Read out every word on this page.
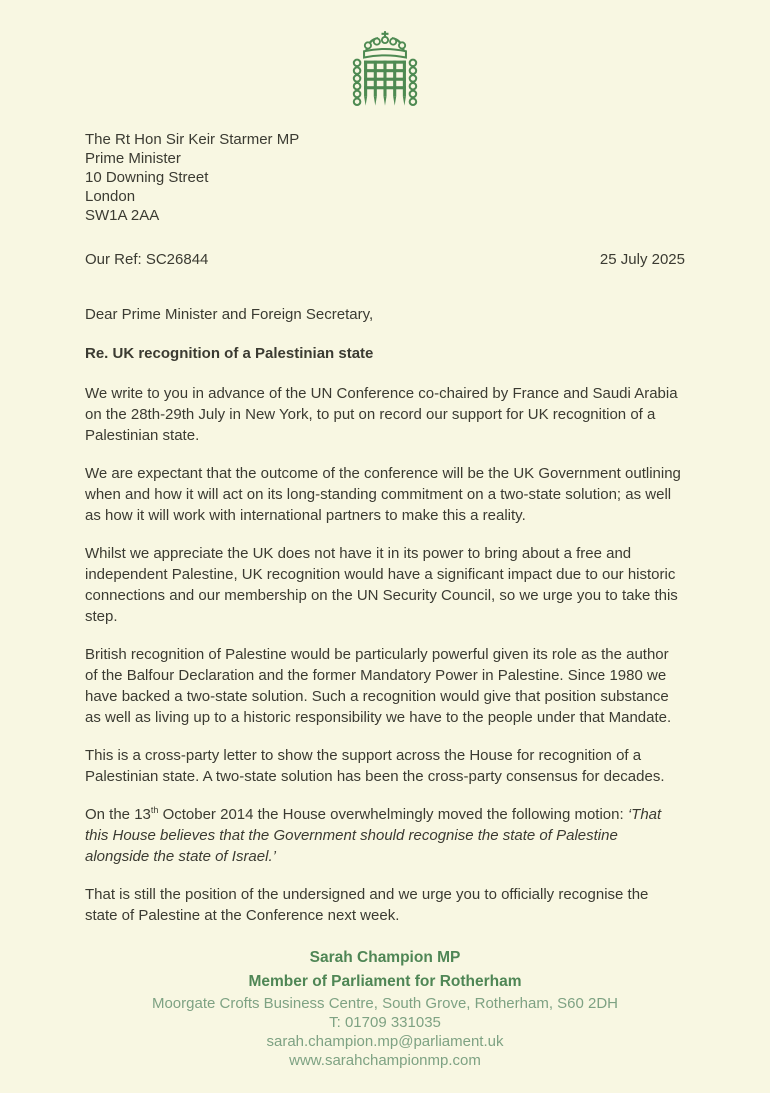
The Rt Hon Sir Keir Starmer MP
Prime Minister
10 Downing Street
London
SW1A 2AA
Our Ref: SC26844	25 July 2025
Dear Prime Minister and Foreign Secretary,
Re. UK recognition of a Palestinian state

We write to you in advance of the UN Conference co-chaired by France and Saudi Arabia on the 28th-29th July in New York, to put on record our support for UK recognition of a Palestinian state.

We are expectant that the outcome of the conference will be the UK Government outlining when and how it will act on its long-standing commitment on a two-state solution; as well as how it will work with international partners to make this a reality.

Whilst we appreciate the UK does not have it in its power to bring about a free and independent Palestine, UK recognition would have a significant impact due to our historic connections and our membership on the UN Security Council, so we urge you to take this step.

British recognition of Palestine would be particularly powerful given its role as the author of the Balfour Declaration and the former Mandatory Power in Palestine. Since 1980 we have backed a two-state solution. Such a recognition would give that position substance as well as living up to a historic responsibility we have to the people under that Mandate.

This is a cross-party letter to show the support across the House for recognition of a Palestinian state. A two-state solution has been the cross-party consensus for decades.

On the 13th October 2014 the House overwhelmingly moved the following motion: ‘That this House believes that the Government should recognise the state of Palestine alongside the state of Israel.’

That is still the position of the undersigned and we urge you to officially recognise the state of Palestine at the Conference next week.

Sarah Champion MP
Member of Parliament for Rotherham
Moorgate Crofts Business Centre, South Grove, Rotherham, S60 2DH
T: 01709 331035
sarah.champion.mp@parliament.uk
www.sarahchampionmp.com
